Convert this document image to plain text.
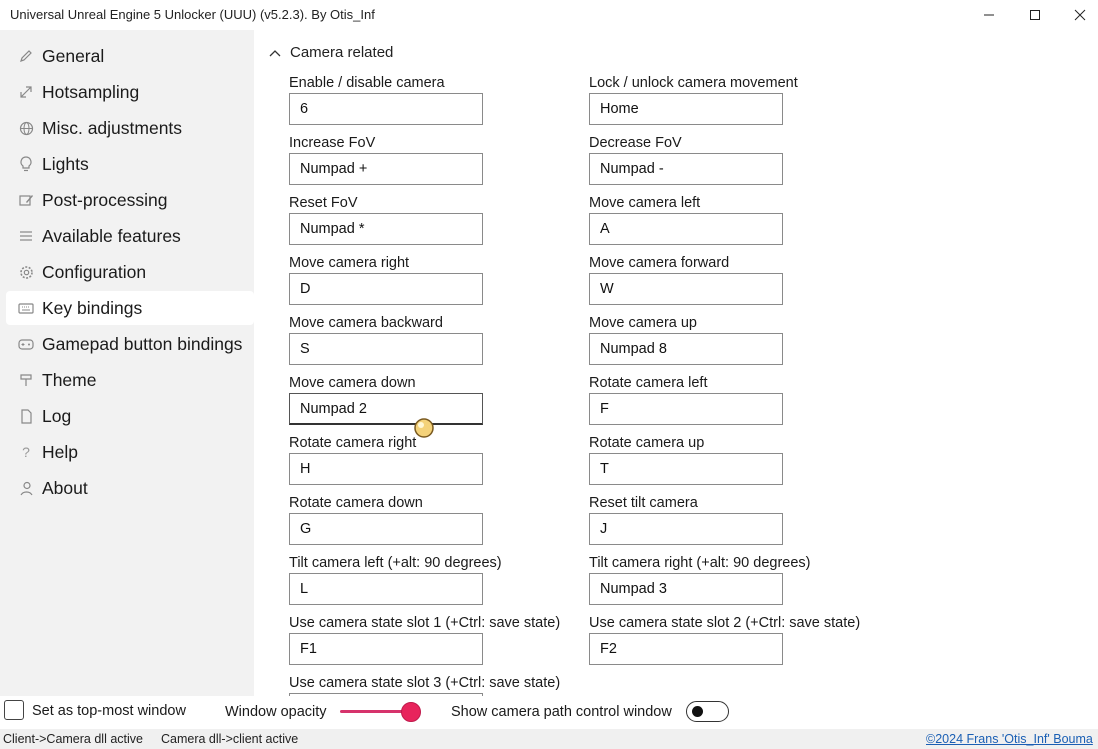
Universal Unreal Engine 5 Unlocker (UUU) (v5.2.3). By Otis_Inf
General
Hotsampling
Misc. adjustments
Lights
Post-processing
Available features
Configuration
Key bindings
Gamepad button bindings
Theme
Log
? Help
About
Camera related
Enable / disable camera
6
Lock / unlock camera movement
Home
Increase FoV
Numpad +
Decrease FoV
Numpad -
Reset FoV
Numpad *
Move camera left
A
Move camera right
D
Move camera forward
W
Move camera backward
S
Move camera up
Numpad 8
Move camera down
Numpad 2
Rotate camera left
F
Rotate camera right
H
Rotate camera up
T
Rotate camera down
G
Reset tilt camera
J
Tilt camera left (+alt: 90 degrees)
L
Tilt camera right (+alt: 90 degrees)
Numpad 3
Use camera state slot 1 (+Ctrl: save state)
F1
Use camera state slot 2 (+Ctrl: save state)
F2
Use camera state slot 3 (+Ctrl: save state)
Set as top-most window	Window opacity	Show camera path control window
Client->Camera dll active Camera dll->client active	©2024 Frans 'Otis_Inf' Bouma
